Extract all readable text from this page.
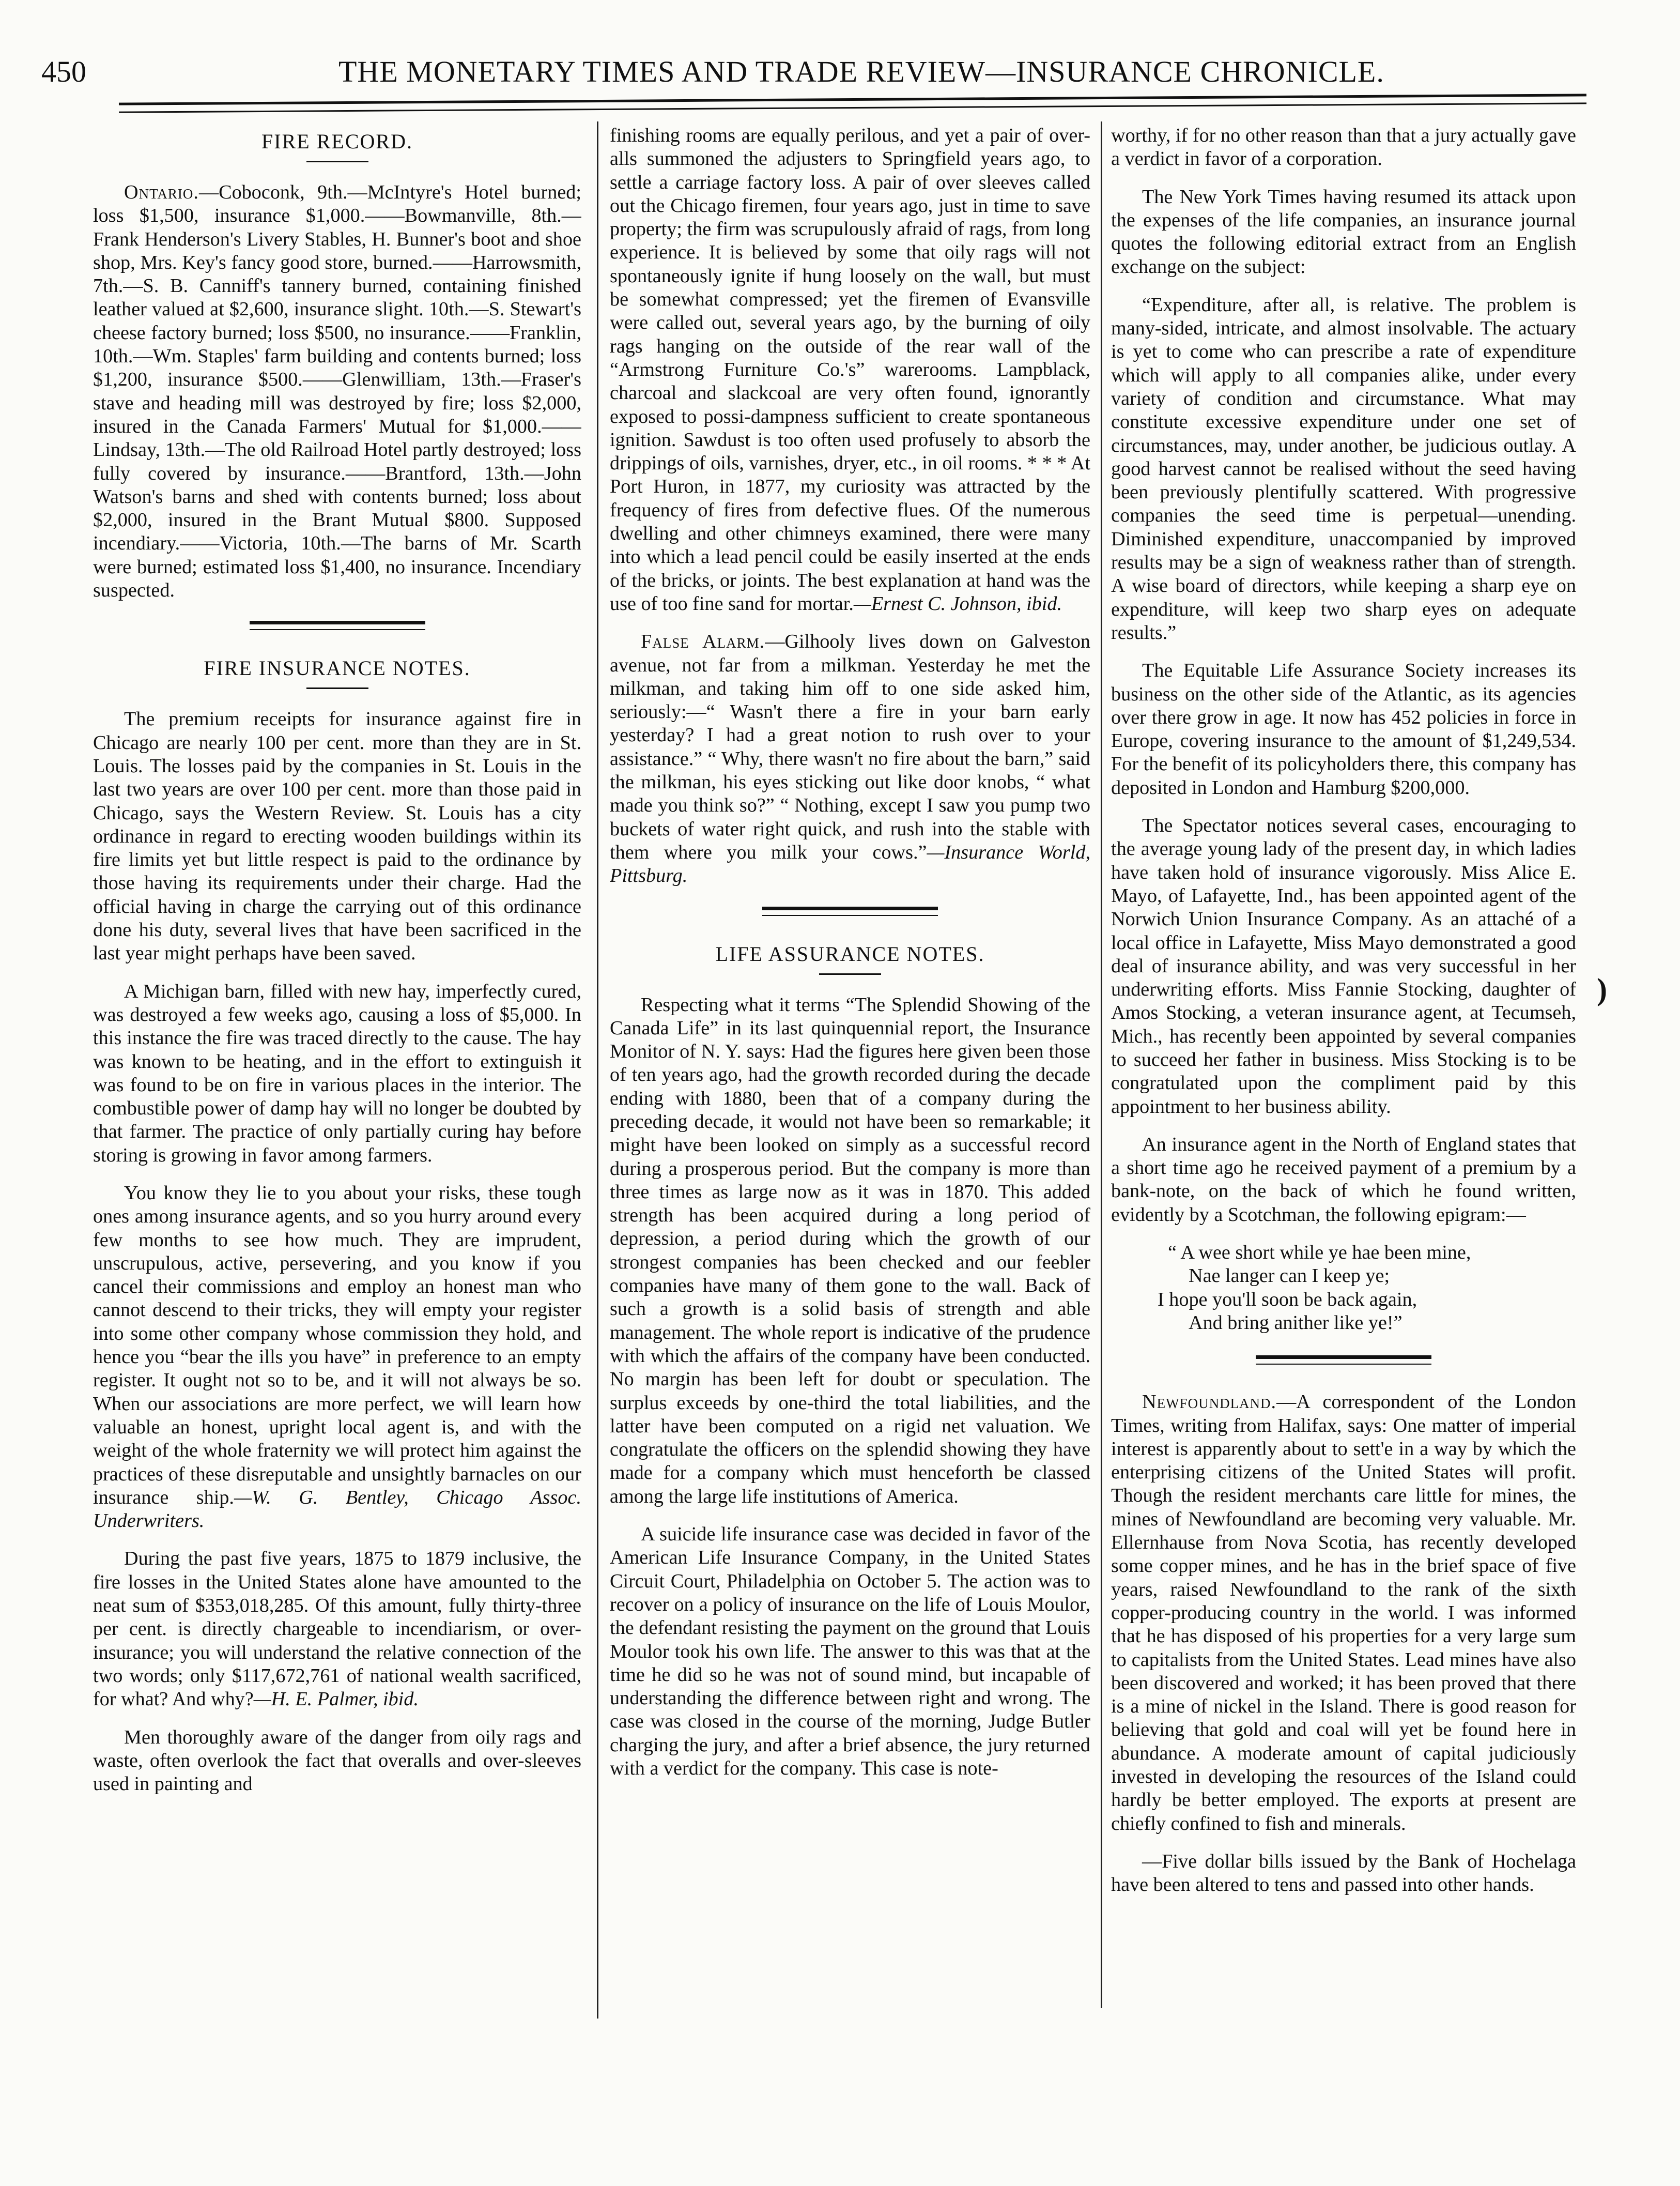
450	THE MONETARY TIMES AND TRADE REVIEW—INSURANCE CHRONICLE.
FIRE RECORD.

Ontario.—Coboconk, 9th.—McIntyre's Hotel burned; loss $1,500, insurance $1,000.——Bowmanville, 8th.—Frank Henderson's Livery Stables, H. Bunner's boot and shoe shop, Mrs. Key's fancy good store, burned.——Harrowsmith, 7th.—S. B. Canniff's tannery burned, containing finished leather valued at $2,600, insurance slight. 10th.—S. Stewart's cheese factory burned; loss $500, no insurance.——Franklin, 10th.—Wm. Staples' farm building and contents burned; loss $1,200, insurance $500.——Glenwilliam, 13th.—Fraser's stave and heading mill was destroyed by fire; loss $2,000, insured in the Canada Farmers' Mutual for $1,000.——Lindsay, 13th.—The old Railroad Hotel partly destroyed; loss fully covered by insurance.——Brantford, 13th.—John Watson's barns and shed with contents burned; loss about $2,000, insured in the Brant Mutual $800. Supposed incendiary.——Victoria, 10th.—The barns of Mr. Scarth were burned; estimated loss $1,400, no insurance. Incendiary suspected.

FIRE INSURANCE NOTES.

The premium receipts for insurance against fire in Chicago are nearly 100 per cent. more than they are in St. Louis. The losses paid by the companies in St. Louis in the last two years are over 100 per cent. more than those paid in Chicago, says the Western Review. St. Louis has a city ordinance in regard to erecting wooden buildings within its fire limits yet but little respect is paid to the ordinance by those having its requirements under their charge. Had the official having in charge the carrying out of this ordinance done his duty, several lives that have been sacrificed in the last year might perhaps have been saved.

A Michigan barn, filled with new hay, imperfectly cured, was destroyed a few weeks ago, causing a loss of $5,000. In this instance the fire was traced directly to the cause. The hay was known to be heating, and in the effort to extinguish it was found to be on fire in various places in the interior. The combustible power of damp hay will no longer be doubted by that farmer. The practice of only partially curing hay before storing is growing in favor among farmers.

You know they lie to you about your risks, these tough ones among insurance agents, and so you hurry around every few months to see how much. They are imprudent, unscrupulous, active, persevering, and you know if you cancel their commissions and employ an honest man who cannot descend to their tricks, they will empty your register into some other company whose commission they hold, and hence you “bear the ills you have” in preference to an empty register. It ought not so to be, and it will not always be so. When our associations are more perfect, we will learn how valuable an honest, upright local agent is, and with the weight of the whole fraternity we will protect him against the practices of these disreputable and unsightly barnacles on our insurance ship.—W. G. Bentley, Chicago Assoc. Underwriters.

During the past five years, 1875 to 1879 inclusive, the fire losses in the United States alone have amounted to the neat sum of $353,018,285. Of this amount, fully thirty-three per cent. is directly chargeable to incendiarism, or over-insurance; you will understand the relative connection of the two words; only $117,672,761 of national wealth sacrificed, for what? And why?—H. E. Palmer, ibid.

Men thoroughly aware of the danger from oily rags and waste, often overlook the fact that overalls and over-sleeves used in painting and

finishing rooms are equally perilous, and yet a pair of over-alls summoned the adjusters to Springfield years ago, to settle a carriage factory loss. A pair of over sleeves called out the Chicago firemen, four years ago, just in time to save property; the firm was scrupulously afraid of rags, from long experience. It is believed by some that oily rags will not spontaneously ignite if hung loosely on the wall, but must be somewhat compressed; yet the firemen of Evansville were called out, several years ago, by the burning of oily rags hanging on the outside of the rear wall of the “Armstrong Furniture Co.'s” warerooms. Lampblack, charcoal and slackcoal are very often found, ignorantly exposed to possi-dampness sufficient to create spontaneous ignition. Sawdust is too often used profusely to absorb the drippings of oils, varnishes, dryer, etc., in oil rooms. * * * At Port Huron, in 1877, my curiosity was attracted by the frequency of fires from defective flues. Of the numerous dwelling and other chimneys examined, there were many into which a lead pencil could be easily inserted at the ends of the bricks, or joints. The best explanation at hand was the use of too fine sand for mortar.—Ernest C. Johnson, ibid.

False Alarm.—Gilhooly lives down on Galveston avenue, not far from a milkman. Yesterday he met the milkman, and taking him off to one side asked him, seriously:—“ Wasn't there a fire in your barn early yesterday? I had a great notion to rush over to your assistance.” “ Why, there wasn't no fire about the barn,” said the milkman, his eyes sticking out like door knobs, “ what made you think so?” “ Nothing, except I saw you pump two buckets of water right quick, and rush into the stable with them where you milk your cows.”—Insurance World, Pittsburg.

LIFE ASSURANCE NOTES.

Respecting what it terms “The Splendid Showing of the Canada Life” in its last quinquennial report, the Insurance Monitor of N. Y. says: Had the figures here given been those of ten years ago, had the growth recorded during the decade ending with 1880, been that of a company during the preceding decade, it would not have been so remarkable; it might have been looked on simply as a successful record during a prosperous period. But the company is more than three times as large now as it was in 1870. This added strength has been acquired during a long period of depression, a period during which the growth of our strongest companies has been checked and our feebler companies have many of them gone to the wall. Back of such a growth is a solid basis of strength and able management. The whole report is indicative of the prudence with which the affairs of the company have been conducted. No margin has been left for doubt or speculation. The surplus exceeds by one-third the total liabilities, and the latter have been computed on a rigid net valuation. We congratulate the officers on the splendid showing they have made for a company which must henceforth be classed among the large life institutions of America.

A suicide life insurance case was decided in favor of the American Life Insurance Company, in the United States Circuit Court, Philadelphia on October 5. The action was to recover on a policy of insurance on the life of Louis Moulor, the defendant resisting the payment on the ground that Louis Moulor took his own life. The answer to this was that at the time he did so he was not of sound mind, but incapable of understanding the difference between right and wrong. The case was closed in the course of the morning, Judge Butler charging the jury, and after a brief absence, the jury returned with a verdict for the company. This case is note-

worthy, if for no other reason than that a jury actually gave a verdict in favor of a corporation.

The New York Times having resumed its attack upon the expenses of the life companies, an insurance journal quotes the following editorial extract from an English exchange on the subject:

“Expenditure, after all, is relative. The problem is many-sided, intricate, and almost insolvable. The actuary is yet to come who can prescribe a rate of expenditure which will apply to all companies alike, under every variety of condition and circumstance. What may constitute excessive expenditure under one set of circumstances, may, under another, be judicious outlay. A good harvest cannot be realised without the seed having been previously plentifully scattered. With progressive companies the seed time is perpetual—unending. Diminished expenditure, unaccompanied by improved results may be a sign of weakness rather than of strength. A wise board of directors, while keeping a sharp eye on expenditure, will keep two sharp eyes on adequate results.”

The Equitable Life Assurance Society increases its business on the other side of the Atlantic, as its agencies over there grow in age. It now has 452 policies in force in Europe, covering insurance to the amount of $1,249,534. For the benefit of its policyholders there, this company has deposited in London and Hamburg $200,000.

The Spectator notices several cases, encouraging to the average young lady of the present day, in which ladies have taken hold of insurance vigorously. Miss Alice E. Mayo, of Lafayette, Ind., has been appointed agent of the Norwich Union Insurance Company. As an attaché of a local office in Lafayette, Miss Mayo demonstrated a good deal of insurance ability, and was very successful in her underwriting efforts. Miss Fannie Stocking, daughter of Amos Stocking, a veteran insurance agent, at Tecumseh, Mich., has recently been appointed by several companies to succeed her father in business. Miss Stocking is to be congratulated upon the compliment paid by this appointment to her business ability.

An insurance agent in the North of England states that a short time ago he received payment of a premium by a bank-note, on the back of which he found written, evidently by a Scotchman, the following epigram:—

“ A wee short while ye hae been mine,
Nae langer can I keep ye;
I hope you'll soon be back again,
And bring anither like ye!”

Newfoundland.—A correspondent of the London Times, writing from Halifax, says: One matter of imperial interest is apparently about to sett'e in a way by which the enterprising citizens of the United States will profit. Though the resident merchants care little for mines, the mines of Newfoundland are becoming very valuable. Mr. Ellernhause from Nova Scotia, has recently developed some copper mines, and he has in the brief space of five years, raised Newfoundland to the rank of the sixth copper-producing country in the world. I was informed that he has disposed of his properties for a very large sum to capitalists from the United States. Lead mines have also been discovered and worked; it has been proved that there is a mine of nickel in the Island. There is good reason for believing that gold and coal will yet be found here in abundance. A moderate amount of capital judiciously invested in developing the resources of the Island could hardly be better employed. The exports at present are chiefly confined to fish and minerals.

—Five dollar bills issued by the Bank of Hochelaga have been altered to tens and passed into other hands.

)
